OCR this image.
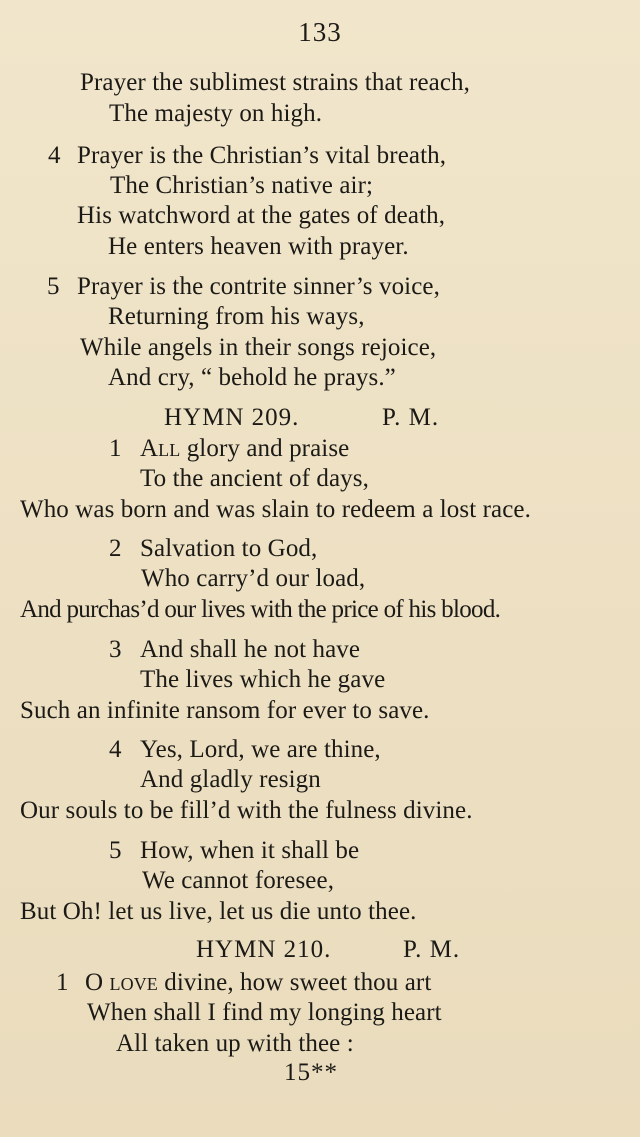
133
Prayer the sublimest strains that reach,
The majesty on high.
4 Prayer is the Christian’s vital breath,
The Christian’s native air;
His watchword at the gates of death,
He enters heaven with prayer.
5 Prayer is the contrite sinner’s voice,
Returning from his ways,
While angels in their songs rejoice,
And cry, “ behold he prays.”
HYMN 209.	P. M.
1 All glory and praise
To the ancient of days,
Who was born and was slain to redeem a lost race.
2 Salvation to God,
Who carry’d our load,
And purchas’d our lives with the price of his blood.
3 And shall he not have
The lives which he gave
Such an infinite ransom for ever to save.
4 Yes, Lord, we are thine,
And gladly resign
Our souls to be fill’d with the fulness divine.
5 How, when it shall be
We cannot foresee,
But Oh! let us live, let us die unto thee.
HYMN 210.	P. M.
1 O love divine, how sweet thou art
When shall I find my longing heart
All taken up with thee :
15**
